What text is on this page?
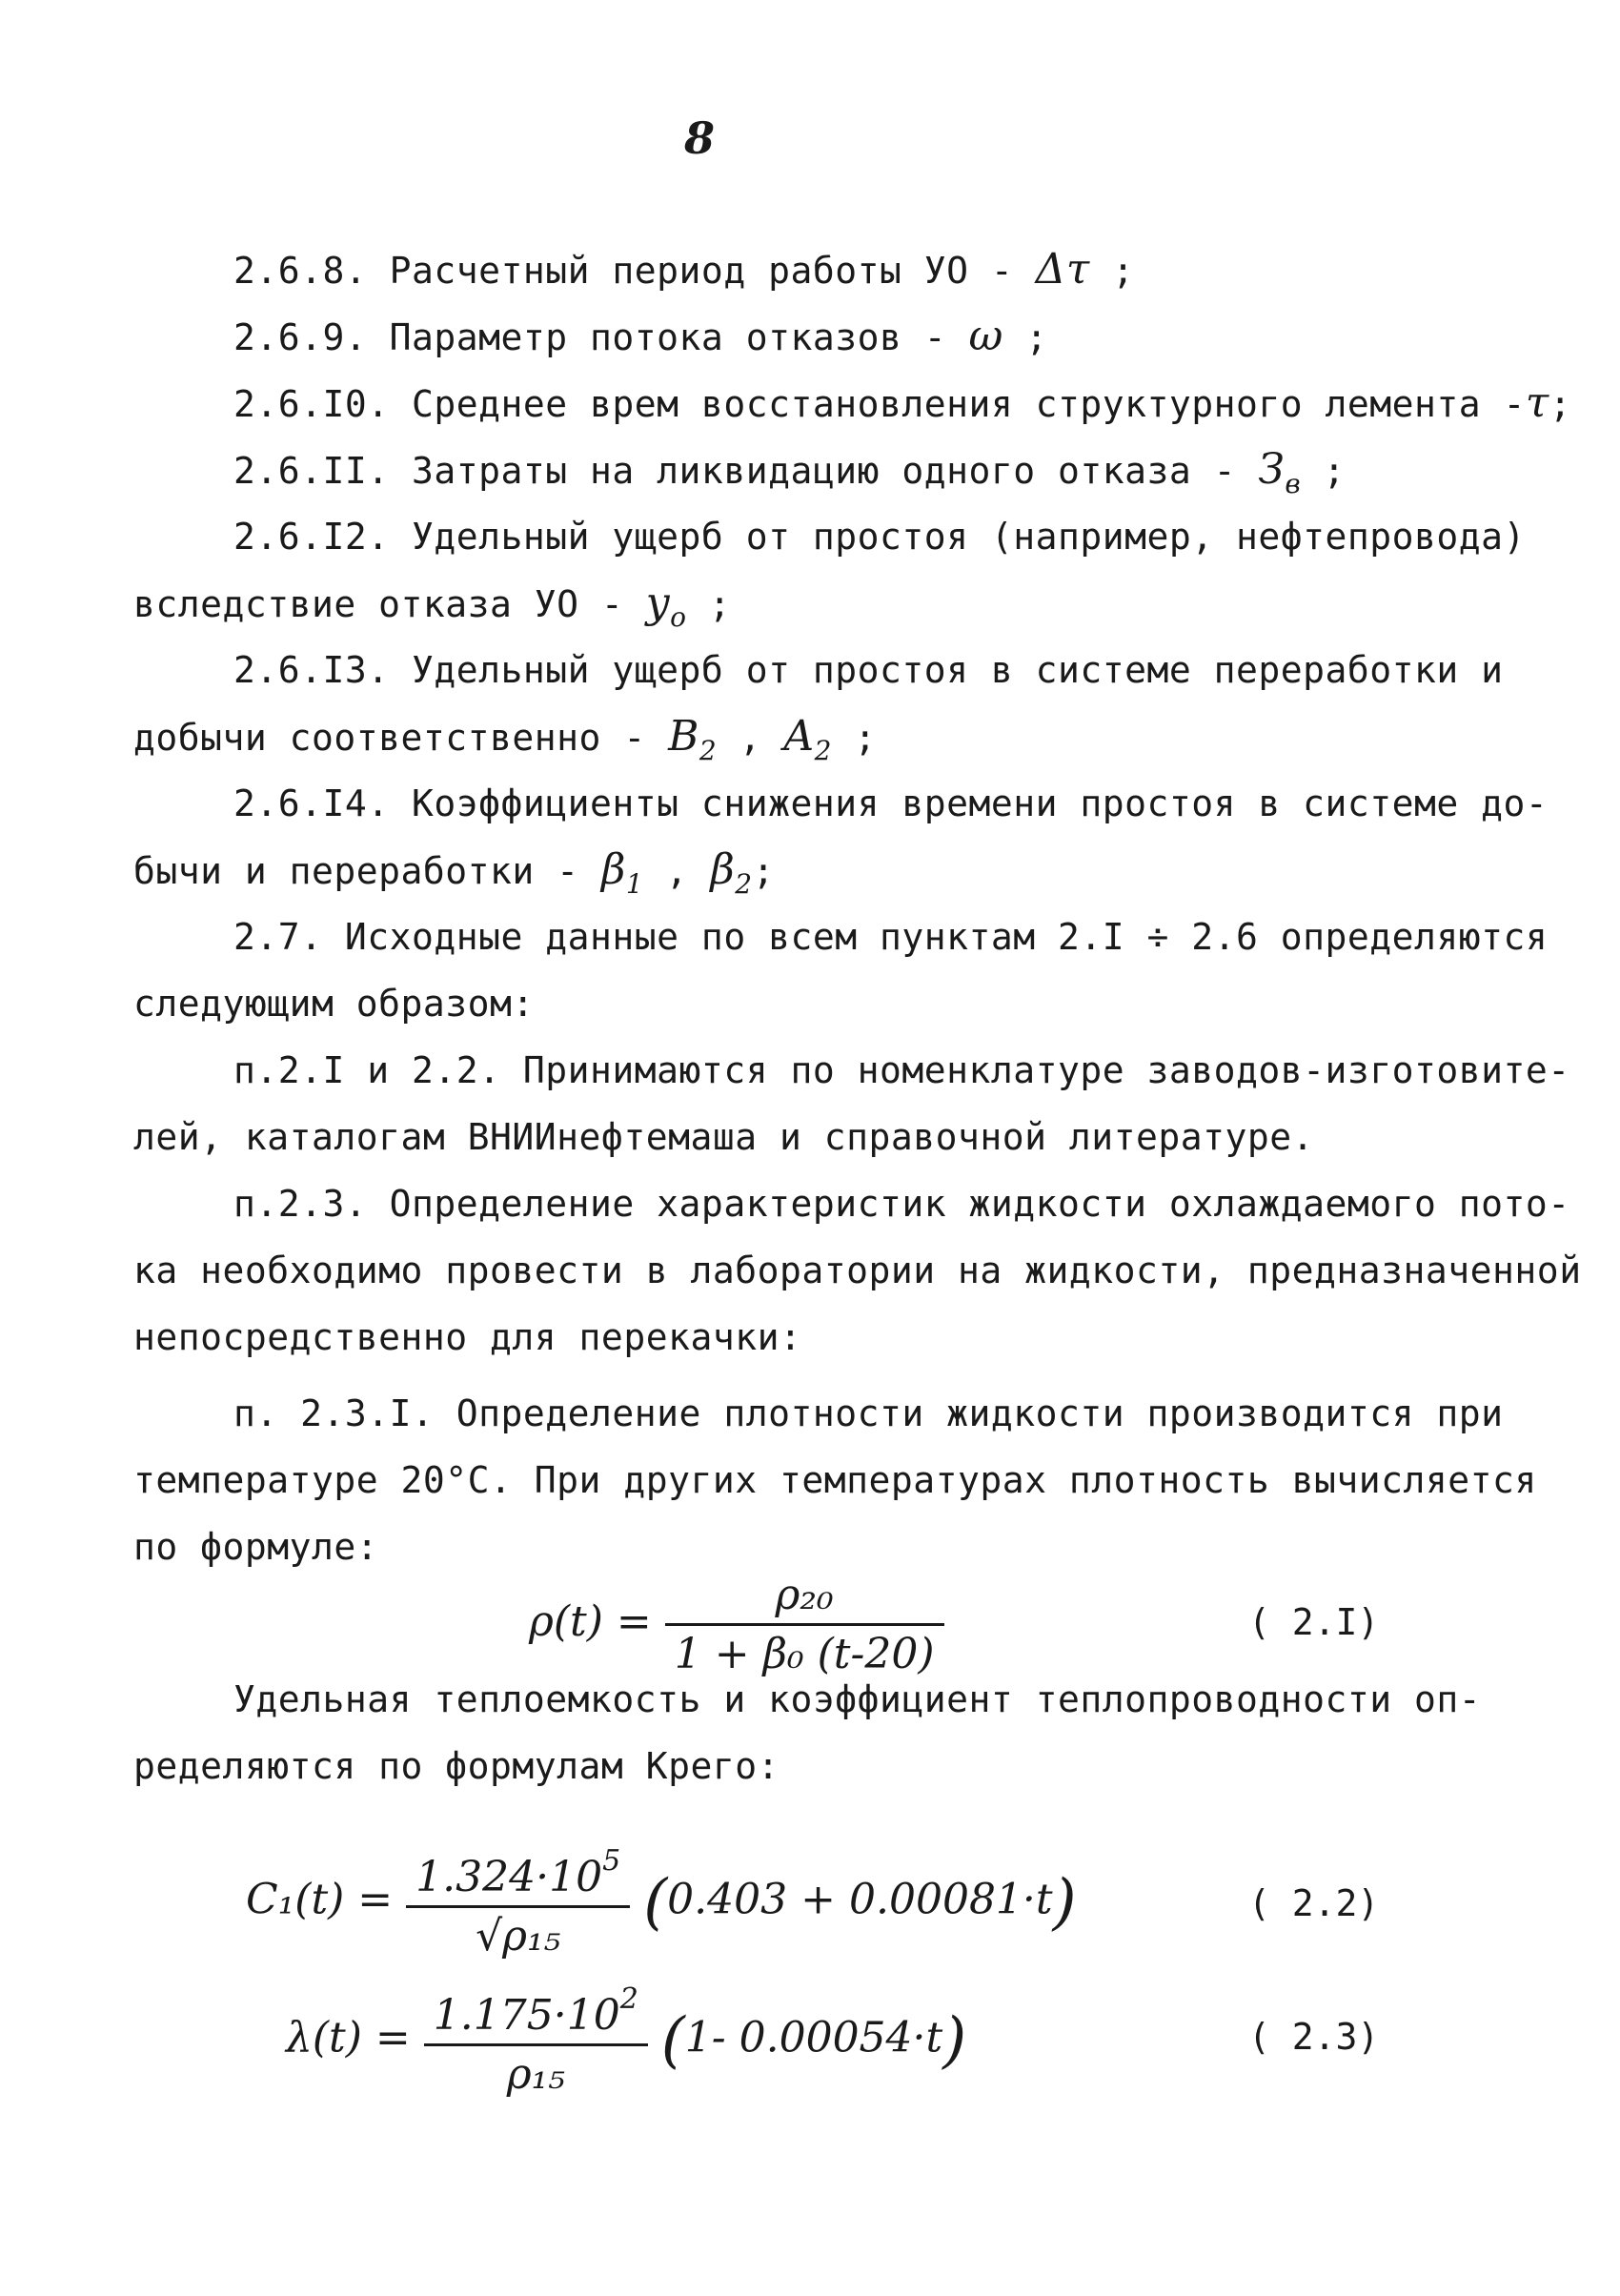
8
2.6.8. Расчетный период работы УО - Δτ ;
2.6.9. Параметр потока отказов - ω ;
2.6.I0. Среднее врем восстановления структурного лемента -τ;
2.6.II. Затраты на ликвидацию одного отказа - $З_в$ ;
2.6.I2. Удельный ущерб от простоя (например, нефтепровода)
вследствие отказа УО - $y_o$ ;
2.6.I3. Удельный ущерб от простоя в системе переработки и
добычи соответственно - $B_2$ , $A_2$ ;
2.6.I4. Коэффициенты снижения времени простоя в системе до-
бычи и переработки - $\beta_1$ , $\beta_2$;
2.7. Исходные данные по всем пунктам 2.I ÷ 2.6 определяются
следующим образом:
п.2.I и 2.2. Принимаются по номенклатуре заводов-изготовите-
лей, каталогам ВНИИнефтемаша и справочной литературе.
п.2.3. Определение характеристик жидкости охлаждаемого пото-
ка необходимо провести в лаборатории на жидкости, предназначенной
непосредственно для перекачки:
п. 2.3.I. Определение плотности жидкости производится при
температуре 20°C. При других температурах плотность вычисляется
по формуле:
$\rho(t) = \frac{\text{ρ₂₀}}{\text{1 + β₀ (t-20)}}$	( 2.I)
Удельная теплоемкость и коэффициент теплопроводности оп-
ределяются по формулам Крего:
$C_1(t) = \frac{1.324\cdot 10^5}{\text{√ρ₁₅}} (0.403 + 0.00081\cdot t)$	( 2.2)
$\lambda(t) = \frac{1.175\cdot 10^2}{\text{ρ₁₅}} (1-$ 0.00054·t)	( 2.3)
